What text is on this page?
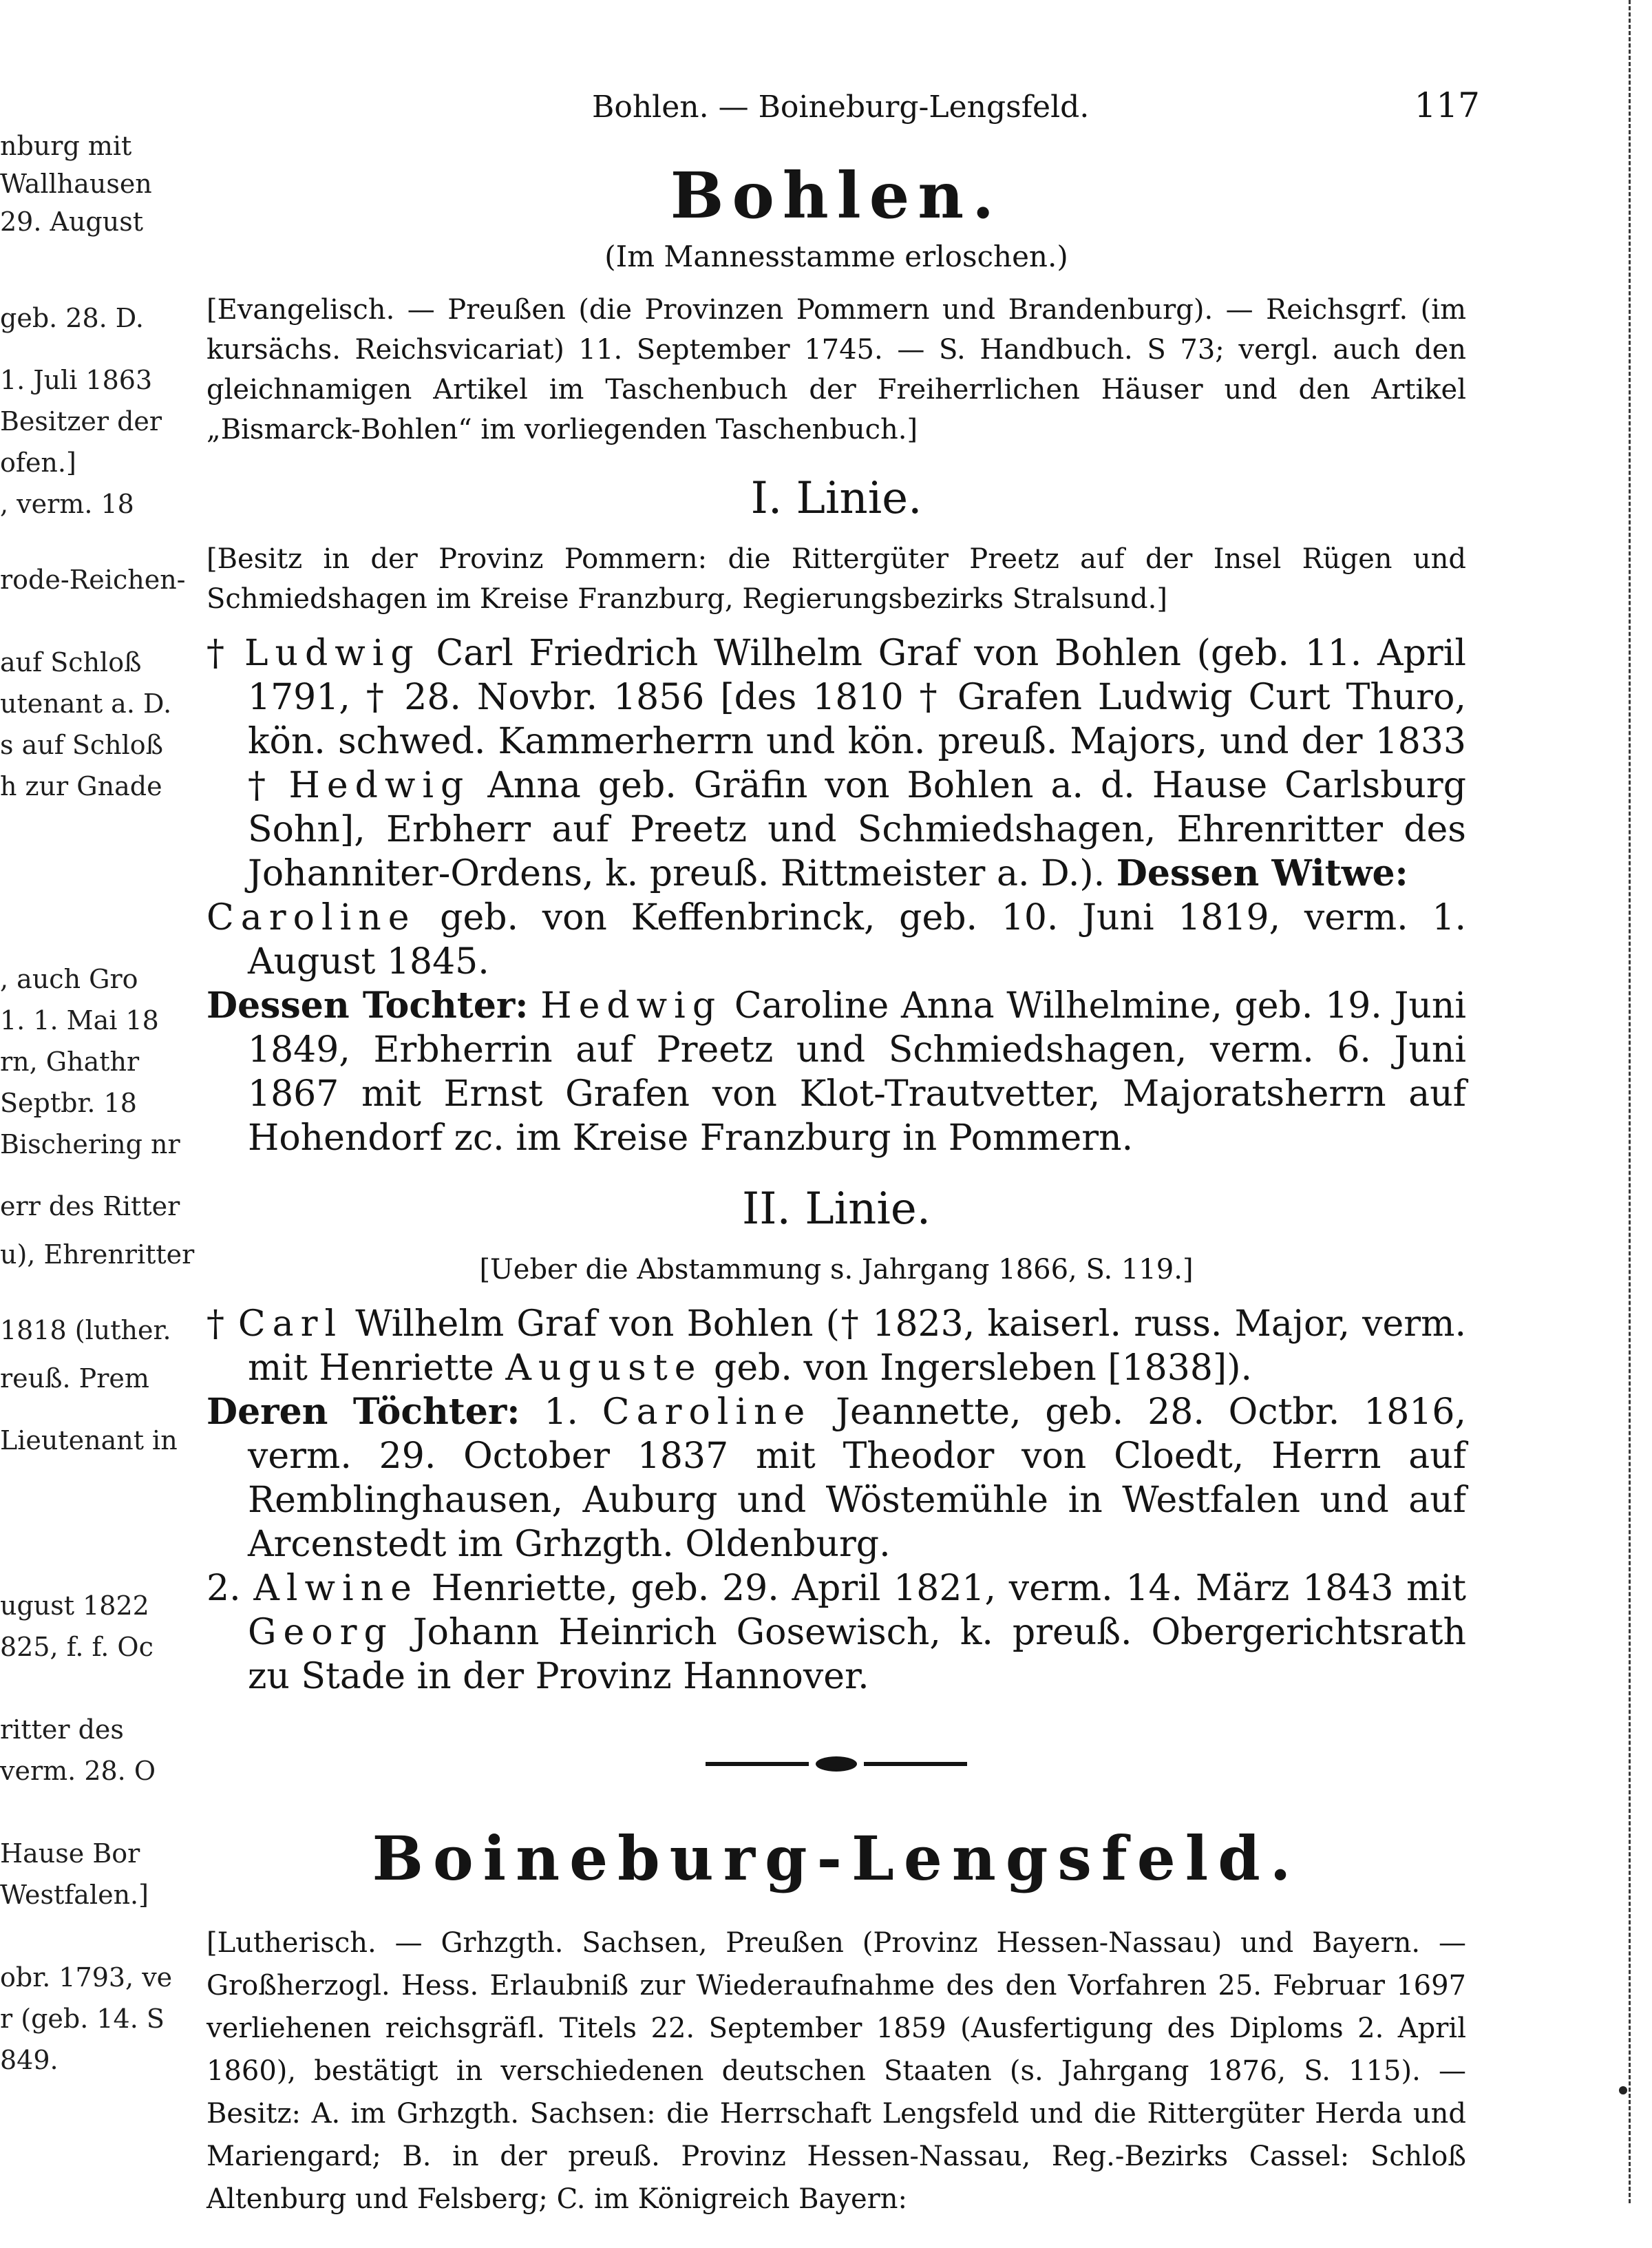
nburg mit
Wallhausen
29. August
geb. 28. D.
1. Juli 1863
Besitzer der
ofen.]
, verm. 18
rode-Reichen-
auf Schloß
utenant a. D.
s auf Schloß
h zur Gnade
, auch Gro
1. 1. Mai 18
rn, Ghathr
Septbr. 18
Bischering nr
err des Ritter
u), Ehrenritter
1818 (luther.
reuß. Prem
Lieutenant in
ugust 1822
825, f. f. Oc
ritter des
verm. 28. O
Hause Bor
Westfalen.]
obr. 1793, ve
r (geb. 14. S
849.
Bohlen. — Boineburg-Lengsfeld.	117
Bohlen.
(Im Mannesstamme erloschen.)

[Evangelisch. — Preußen (die Provinzen Pommern und Brandenburg). — Reichsgrf. (im kursächs. Reichsvicariat) 11. September 1745. — S. Handbuch. S 73; vergl. auch den gleichnamigen Artikel im Taschenbuch der Freiherrlichen Häuser und den Artikel „Bismarck-Bohlen“ im vorliegenden Taschenbuch.]

I. Linie.

[Besitz in der Provinz Pommern: die Rittergüter Preetz auf der Insel Rügen und Schmiedshagen im Kreise Franzburg, Regierungsbezirks Stralsund.]

† Ludwig Carl Friedrich Wilhelm Graf von Bohlen (geb. 11. April 1791, † 28. Novbr. 1856 [des 1810 † Grafen Ludwig Curt Thuro, kön. schwed. Kammerherrn und kön. preuß. Majors, und der 1833 † Hedwig Anna geb. Gräfin von Bohlen a. d. Hause Carlsburg Sohn], Erbherr auf Preetz und Schmiedshagen, Ehrenritter des Johanniter-Ordens, k. preuß. Rittmeister a. D.). Dessen Witwe:

Caroline geb. von Keffenbrinck, geb. 10. Juni 1819, verm. 1. August 1845.

Dessen Tochter: Hedwig Caroline Anna Wilhelmine, geb. 19. Juni 1849, Erbherrin auf Preetz und Schmiedshagen, verm. 6. Juni 1867 mit Ernst Grafen von Klot-Trautvetter, Majoratsherrn auf Hohendorf zc. im Kreise Franzburg in Pommern.

II. Linie.

[Ueber die Abstammung s. Jahrgang 1866, S. 119.]

† Carl Wilhelm Graf von Bohlen († 1823, kaiserl. russ. Major, verm. mit Henriette Auguste geb. von Ingersleben [1838]).

Deren Töchter: 1. Caroline Jeannette, geb. 28. Octbr. 1816, verm. 29. October 1837 mit Theodor von Cloedt, Herrn auf Remblinghausen, Auburg und Wöstemühle in Westfalen und auf Arcenstedt im Grhzgth. Oldenburg.

2. Alwine Henriette, geb. 29. April 1821, verm. 14. März 1843 mit Georg Johann Heinrich Gosewisch, k. preuß. Obergerichtsrath zu Stade in der Provinz Hannover.

Boineburg-Lengsfeld.

[Lutherisch. — Grhzgth. Sachsen, Preußen (Provinz Hessen-Nassau) und Bayern. — Großherzogl. Hess. Erlaubniß zur Wiederaufnahme des den Vorfahren 25. Februar 1697 verliehenen reichsgräfl. Titels 22. September 1859 (Ausfertigung des Diploms 2. April 1860), bestätigt in verschiedenen deutschen Staaten (s. Jahrgang 1876, S. 115). — Besitz: A. im Grhzgth. Sachsen: die Herrschaft Lengsfeld und die Rittergüter Herda und Mariengard; B. in der preuß. Provinz Hessen-Nassau, Reg.-Bezirks Cassel: Schloß Altenburg und Felsberg; C. im Königreich Bayern:
